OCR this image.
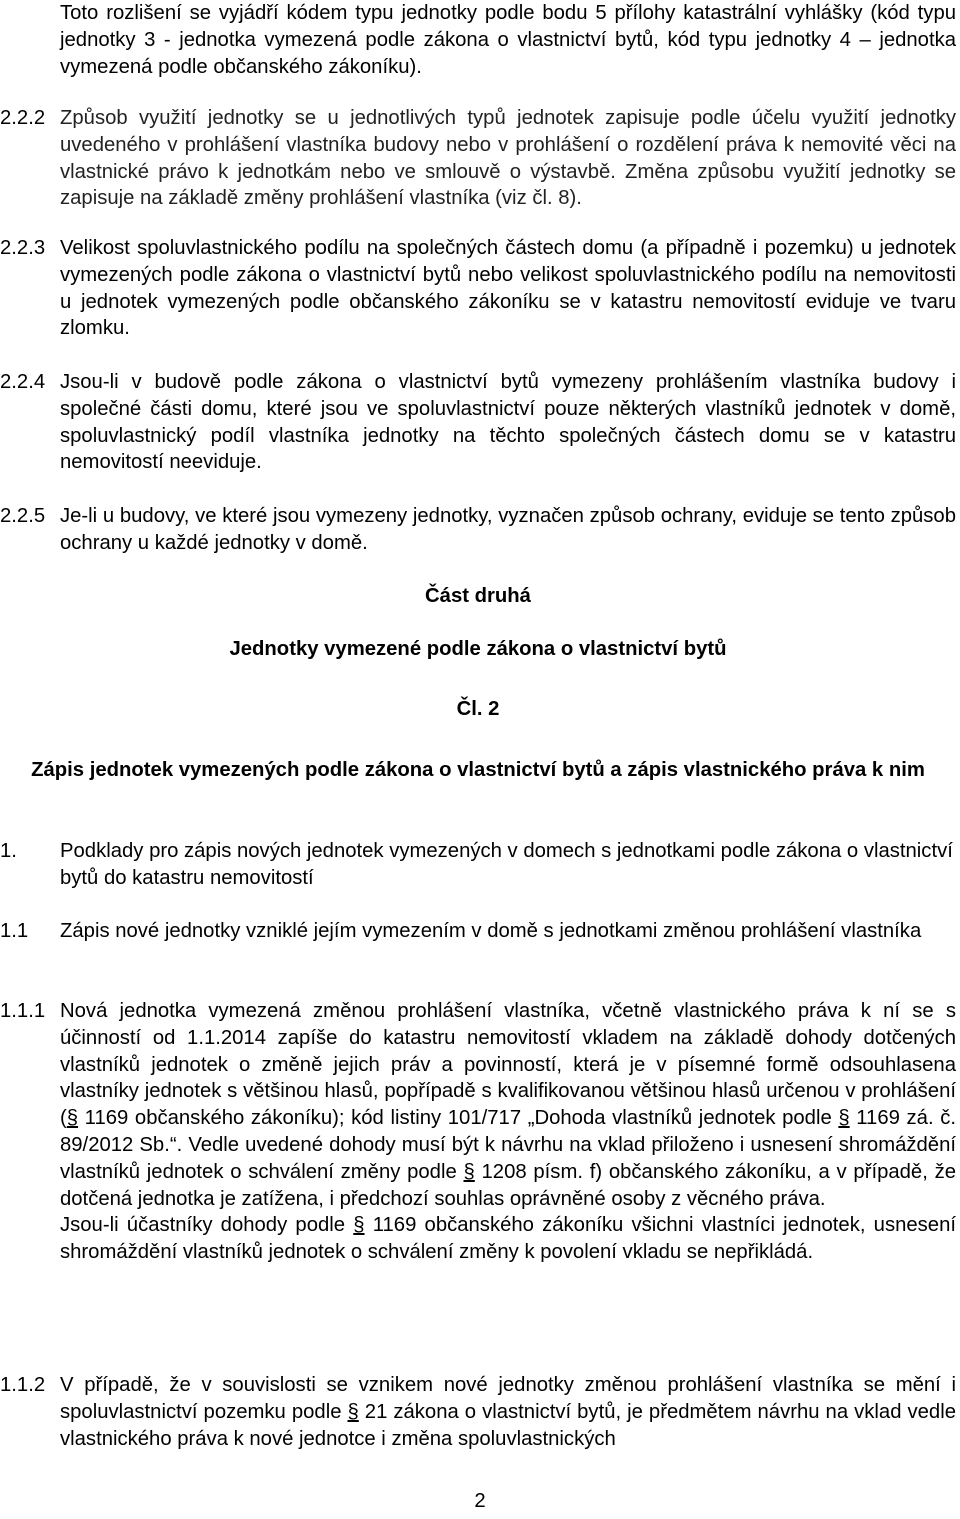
Toto rozlišení se vyjádří kódem typu jednotky podle bodu 5 přílohy katastrální vyhlášky (kód typu jednotky 3 - jednotka vymezená podle zákona o vlastnictví bytů, kód typu jednotky 4 – jednotka vymezená podle občanského zákoníku).
2.2.2 Způsob využití jednotky se u jednotlivých typů jednotek zapisuje podle účelu využití jednotky uvedeného v prohlášení vlastníka budovy nebo v prohlášení o rozdělení práva k nemovité věci na vlastnické právo k jednotkám nebo ve smlouvě o výstavbě. Změna způsobu využití jednotky se zapisuje na základě změny prohlášení vlastníka (viz čl. 8).
2.2.3 Velikost spoluvlastnického podílu na společných částech domu (a případně i pozemku) u jednotek vymezených podle zákona o vlastnictví bytů nebo velikost spoluvlastnického podílu na nemovitosti u jednotek vymezených podle občanského zákoníku se v katastru nemovitostí eviduje ve tvaru zlomku.
2.2.4 Jsou-li v budově podle zákona o vlastnictví bytů vymezeny prohlášením vlastníka budovy i společné části domu, které jsou ve spoluvlastnictví pouze některých vlastníků jednotek v domě, spoluvlastnický podíl vlastníka jednotky na těchto společných částech domu se v katastru nemovitostí neeviduje.
2.2.5 Je-li u budovy, ve které jsou vymezeny jednotky, vyznačen způsob ochrany, eviduje se tento způsob ochrany u každé jednotky v domě.
Část druhá
Jednotky vymezené podle zákona o vlastnictví bytů
Čl. 2
Zápis jednotek vymezených podle zákona o vlastnictví bytů a zápis vlastnického práva k nim
1. Podklady pro zápis nových jednotek vymezených v domech s jednotkami podle zákona o vlastnictví bytů do katastru nemovitostí
1.1 Zápis nové jednotky vzniklé jejím vymezením v domě s jednotkami změnou prohlášení vlastníka
1.1.1 Nová jednotka vymezená změnou prohlášení vlastníka, včetně vlastnického práva k ní se s účinností od 1.1.2014 zapíše do katastru nemovitostí vkladem na základě dohody dotčených vlastníků jednotek o změně jejich práv a povinností, která je v písemné formě odsouhlasena vlastníky jednotek s většinou hlasů, popřípadě s kvalifikovanou většinou hlasů určenou v prohlášení (§ 1169 občanského zákoníku); kód listiny 101/717 „Dohoda vlastníků jednotek podle § 1169 zá. č. 89/2012 Sb.“. Vedle uvedené dohody musí být k návrhu na vklad přiloženo i usnesení shromáždění vlastníků jednotek o schválení změny podle § 1208 písm. f) občanského zákoníku, a v případě, že dotčená jednotka je zatížena, i předchozí souhlas oprávněné osoby z věcného práva.
Jsou-li účastníky dohody podle § 1169 občanského zákoníku všichni vlastníci jednotek, usnesení shromáždění vlastníků jednotek o schválení změny k povolení vkladu se nepřikládá.
1.1.2 V případě, že v souvislosti se vznikem nové jednotky změnou prohlášení vlastníka se mění i spoluvlastnictví pozemku podle § 21 zákona o vlastnictví bytů, je předmětem návrhu na vklad vedle vlastnického práva k nové jednotce i změna spoluvlastnických
2
